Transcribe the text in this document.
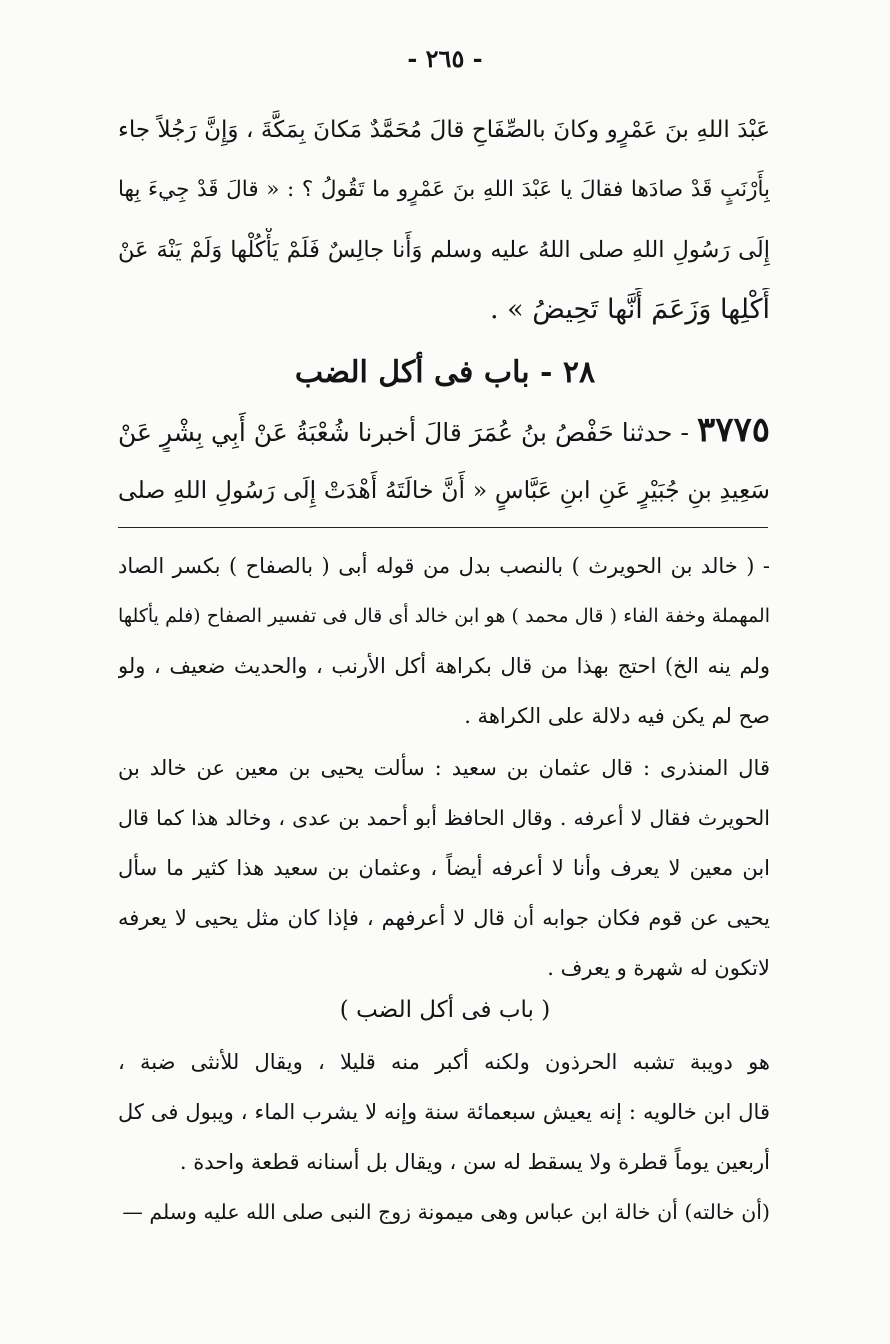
- ٢٦٥ -
عَبْدَ اللهِ بنَ عَمْرٍو وكانَ بالصِّفَاحِ قالَ مُحَمَّدٌ مَكانَ بِمَكَّةَ ، وَإِنَّ رَجُلاً جاء
بِأَرْنَبٍ قَدْ صادَها فقالَ يا عَبْدَ اللهِ بنَ عَمْرٍو ما تَقُولُ ؟ : « قالَ قَدْ جِيءَ بِها
إِلَى رَسُولِ اللهِ صلى اللهُ عليه وسلم وَأَنا جالِسٌ فَلَمْ يَأْكُلْها وَلَمْ يَنْهَ عَنْ
أَكْلِها وَزَعَمَ أَنَّها تَحِيضُ » .
٢٨ - باب فى أكل الضب
٣٧٧٥ - حدثنا حَفْصُ بنُ عُمَرَ قالَ أخبرنا شُعْبَةُ عَنْ أَبِي بِشْرٍ عَنْ
سَعِيدِ بنِ جُبَيْرٍ عَنِ ابنِ عَبَّاسٍ « أَنَّ خالَتَهُ أَهْدَتْ إِلَى رَسُولِ اللهِ صلى
- ( خالد بن الحويرث ) بالنصب بدل من قوله أبى ( بالصفاح ) بكسر الصاد
المهملة وخفة الفاء ( قال محمد ) هو ابن خالد أى قال فى تفسير الصفاح (فلم يأكلها
ولم ينه الخ) احتج بهذا من قال بكراهة أكل الأرنب ، والحديث ضعيف ، ولو
صح لم يكن فيه دلالة على الكراهة .
قال المنذرى : قال عثمان بن سعيد : سألت يحيى بن معين عن خالد بن
الحويرث فقال لا أعرفه . وقال الحافظ أبو أحمد بن عدى ، وخالد هذا كما قال
ابن معين لا يعرف وأنا لا أعرفه أيضاً ، وعثمان بن سعيد هذا كثير ما سأل
يحيى عن قوم فكان جوابه أن قال لا أعرفهم ، فإذا كان مثل يحيى لا يعرفه
لاتكون له شهرة و يعرف .
( باب فى أكل الضب )
هو دويبة تشبه الحرذون ولكنه أكبر منه قليلا ، ويقال للأنثى ضبة ،
قال ابن خالويه : إنه يعيش سبعمائة سنة وإنه لا يشرب الماء ، ويبول فى كل
أربعين يوماً قطرة ولا يسقط له سن ، ويقال بل أسنانه قطعة واحدة .
(أن خالته) أن خالة ابن عباس وهى ميمونة زوج النبى صلى الله عليه وسلم —
